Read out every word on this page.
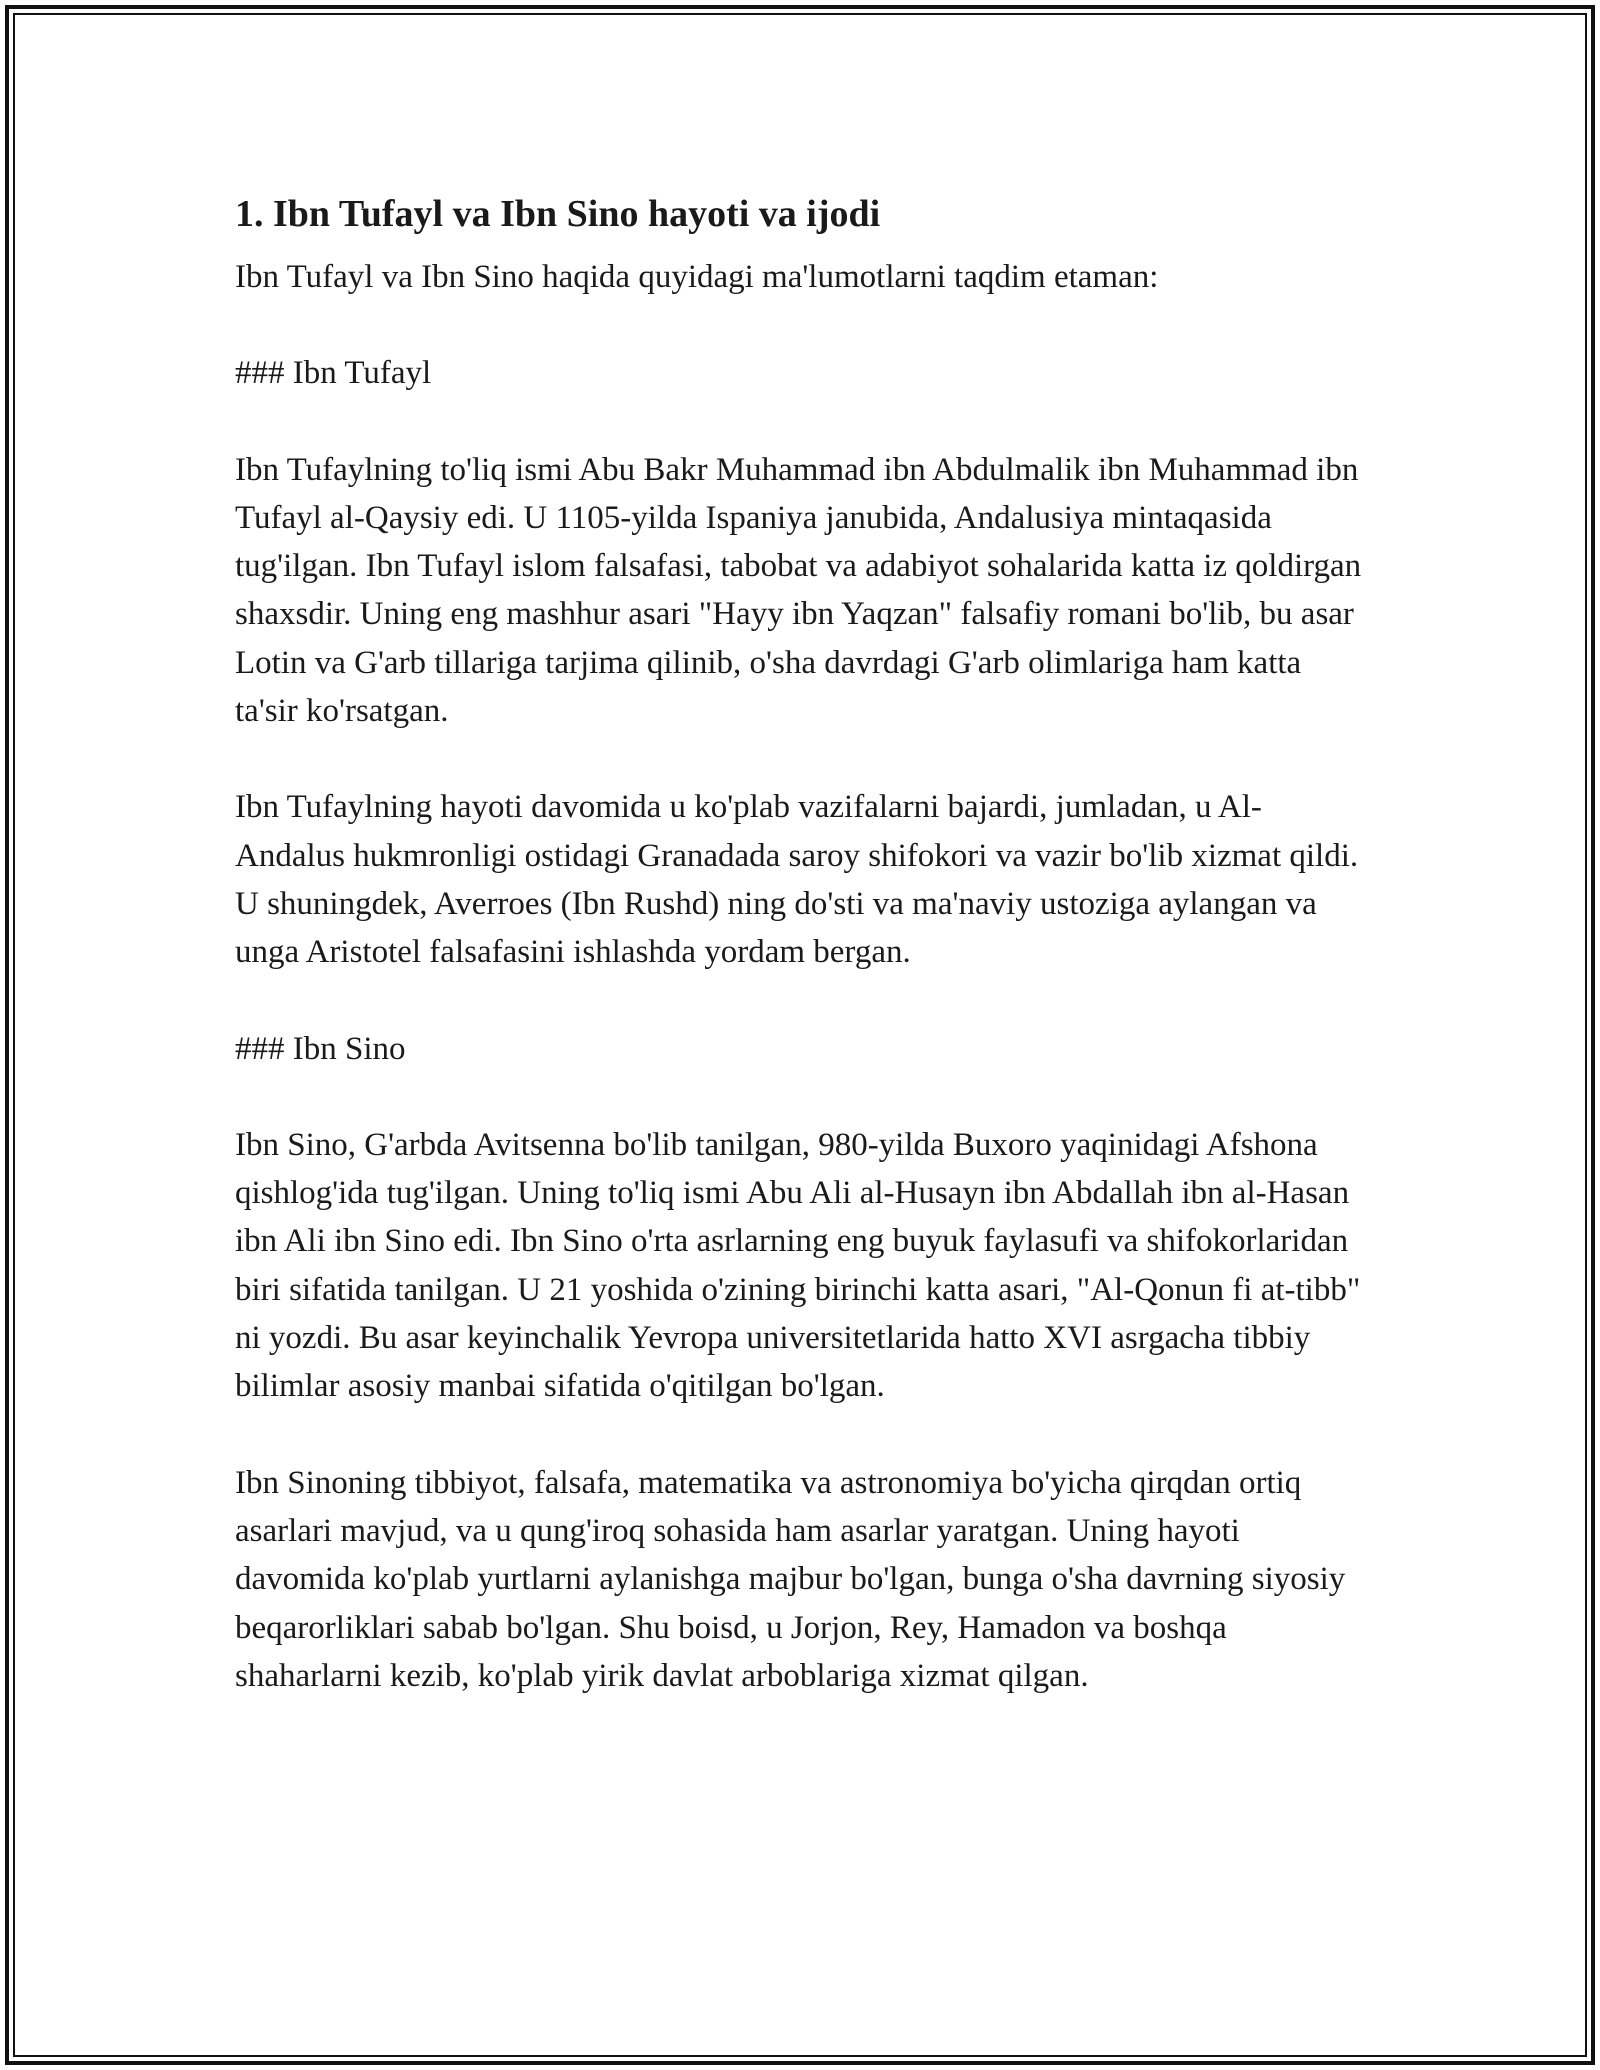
1. Ibn Tufayl va Ibn Sino hayoti va ijodi

Ibn Tufayl va Ibn Sino haqida quyidagi ma'lumotlarni taqdim etaman:

### Ibn Tufayl

Ibn Tufaylning to'liq ismi Abu Bakr Muhammad ibn Abdulmalik ibn Muhammad ibn Tufayl al-Qaysiy edi. U 1105-yilda Ispaniya janubida, Andalusiya mintaqasida tug'ilgan. Ibn Tufayl islom falsafasi, tabobat va adabiyot sohalarida katta iz qoldirgan shaxsdir. Uning eng mashhur asari "Hayy ibn Yaqzan" falsafiy romani bo'lib, bu asar Lotin va G'arb tillariga tarjima qilinib, o'sha davrdagi G'arb olimlariga ham katta ta'sir ko'rsatgan.

Ibn Tufaylning hayoti davomida u ko'plab vazifalarni bajardi, jumladan, u Al-Andalus hukmronligi ostidagi Granadada saroy shifokori va vazir bo'lib xizmat qildi. U shuningdek, Averroes (Ibn Rushd) ning do'sti va ma'naviy ustoziga aylangan va unga Aristotel falsafasini ishlashda yordam bergan.

### Ibn Sino

Ibn Sino, G'arbda Avitsenna bo'lib tanilgan, 980-yilda Buxoro yaqinidagi Afshona qishlog'ida tug'ilgan. Uning to'liq ismi Abu Ali al-Husayn ibn Abdallah ibn al-Hasan ibn Ali ibn Sino edi. Ibn Sino o'rta asrlarning eng buyuk faylasufi va shifokorlaridan biri sifatida tanilgan. U 21 yoshida o'zining birinchi katta asari, "Al-Qonun fi at-tibb" ni yozdi. Bu asar keyinchalik Yevropa universitetlarida hatto XVI asrgacha tibbiy bilimlar asosiy manbai sifatida o'qitilgan bo'lgan.

Ibn Sinoning tibbiyot, falsafa, matematika va astronomiya bo'yicha qirqdan ortiq asarlari mavjud, va u qung'iroq sohasida ham asarlar yaratgan. Uning hayoti davomida ko'plab yurtlarni aylanishga majbur bo'lgan, bunga o'sha davrning siyosiy beqarorliklari sabab bo'lgan. Shu boisd, u Jorjon, Rey, Hamadon va boshqa shaharlarni kezib, ko'plab yirik davlat arboblariga xizmat qilgan.
